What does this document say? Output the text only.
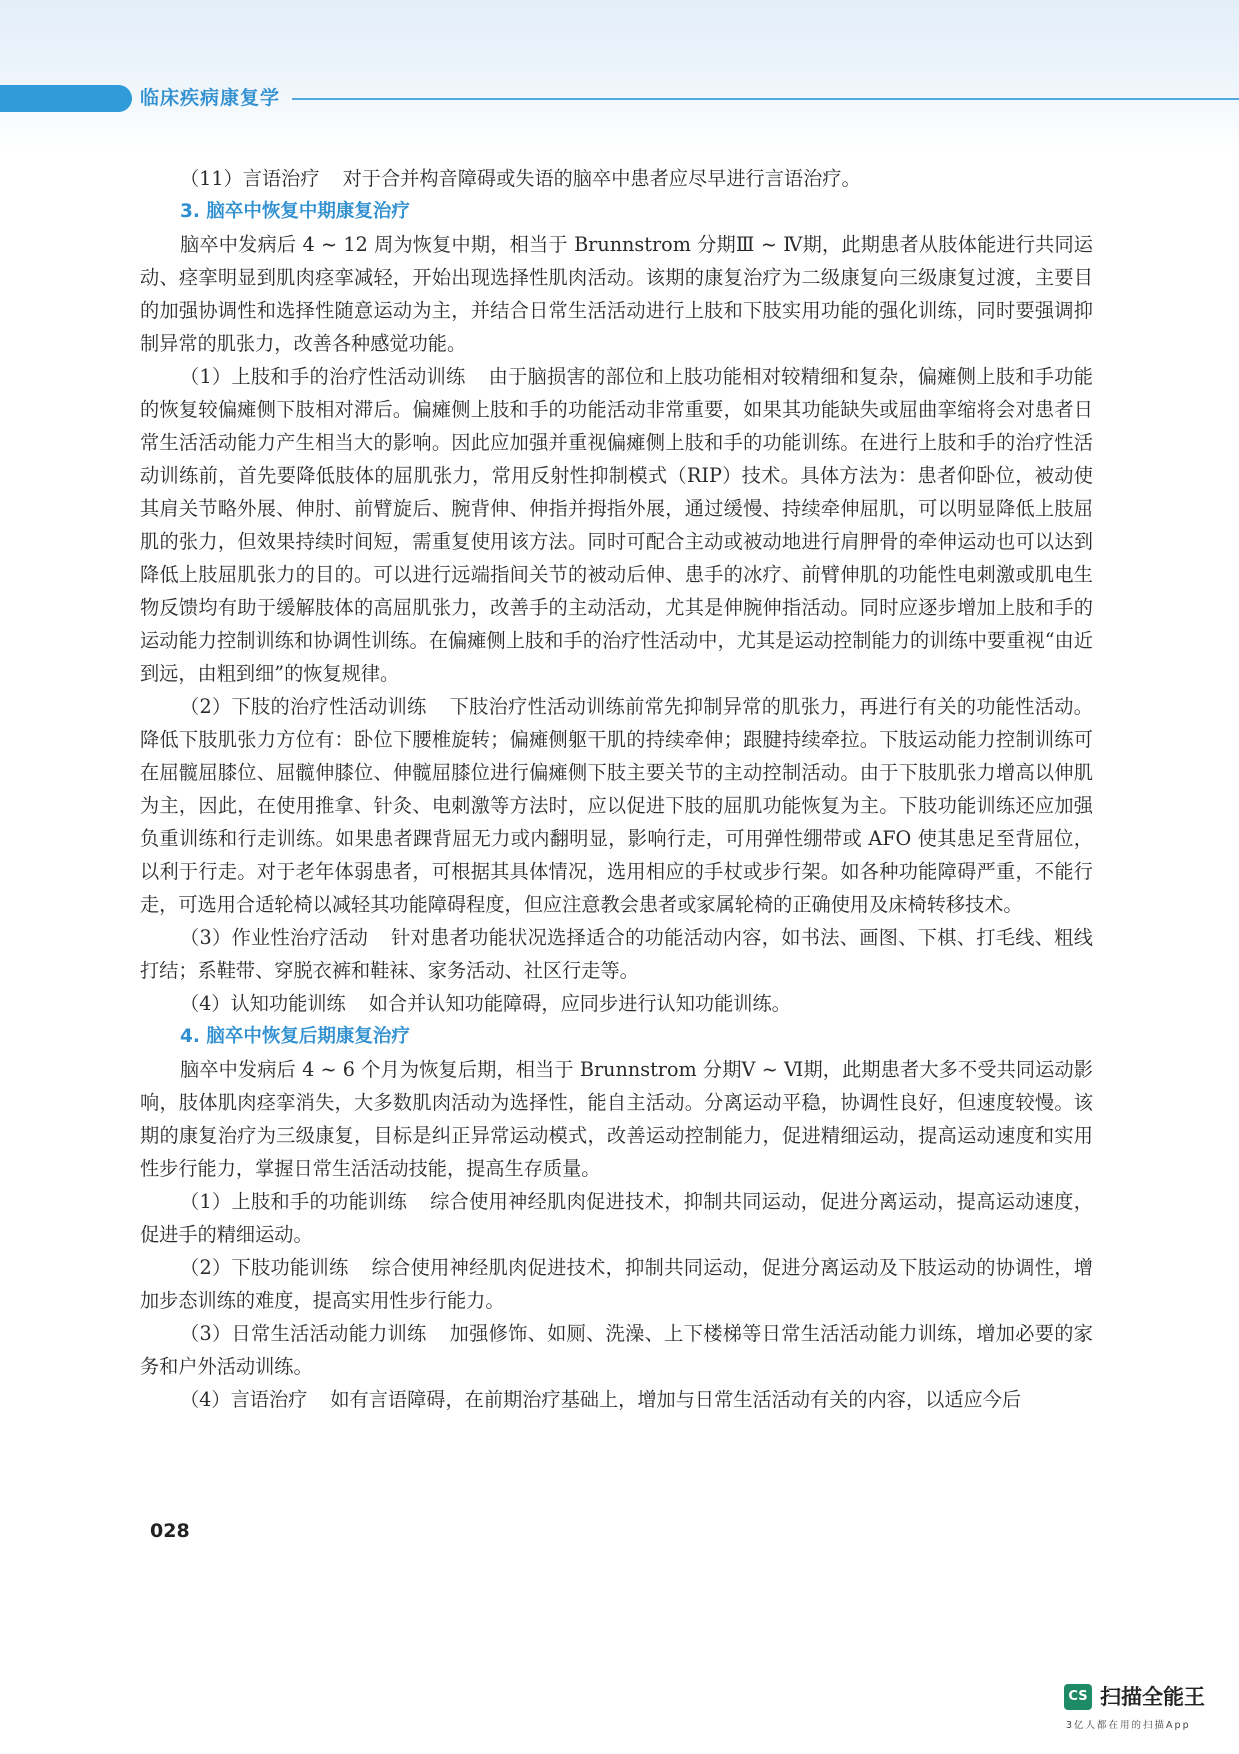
临床疾病康复学

（11）言语治疗 对于合并构音障碍或失语的脑卒中患者应尽早进行言语治疗。

3. 脑卒中恢复中期康复治疗

脑卒中发病后 4 ~ 12 周为恢复中期，相当于 Brunnstrom 分期Ⅲ ~ Ⅳ期，此期患者从肢体能进行共同运动、痉挛明显到肌肉痉挛减轻，开始出现选择性肌肉活动。该期的康复治疗为二级康复向三级康复过渡，主要目的加强协调性和选择性随意运动为主，并结合日常生活活动进行上肢和下肢实用功能的强化训练，同时要强调抑制异常的肌张力，改善各种感觉功能。

（1）上肢和手的治疗性活动训练 由于脑损害的部位和上肢功能相对较精细和复杂，偏瘫侧上肢和手功能的恢复较偏瘫侧下肢相对滞后。偏瘫侧上肢和手的功能活动非常重要，如果其功能缺失或屈曲挛缩将会对患者日常生活活动能力产生相当大的影响。因此应加强并重视偏瘫侧上肢和手的功能训练。在进行上肢和手的治疗性活动训练前，首先要降低肢体的屈肌张力，常用反射性抑制模式（RIP）技术。具体方法为：患者仰卧位，被动使其肩关节略外展、伸肘、前臂旋后、腕背伸、伸指并拇指外展，通过缓慢、持续牵伸屈肌，可以明显降低上肢屈肌的张力，但效果持续时间短，需重复使用该方法。同时可配合主动或被动地进行肩胛骨的牵伸运动也可以达到降低上肢屈肌张力的目的。可以进行远端指间关节的被动后伸、患手的冰疗、前臂伸肌的功能性电刺激或肌电生物反馈均有助于缓解肢体的高屈肌张力，改善手的主动活动，尤其是伸腕伸指活动。同时应逐步增加上肢和手的运动能力控制训练和协调性训练。在偏瘫侧上肢和手的治疗性活动中，尤其是运动控制能力的训练中要重视“由近到远，由粗到细”的恢复规律。

（2）下肢的治疗性活动训练 下肢治疗性活动训练前常先抑制异常的肌张力，再进行有关的功能性活动。降低下肢肌张力方位有：卧位下腰椎旋转；偏瘫侧躯干肌的持续牵伸；跟腱持续牵拉。下肢运动能力控制训练可在屈髋屈膝位、屈髋伸膝位、伸髋屈膝位进行偏瘫侧下肢主要关节的主动控制活动。由于下肢肌张力增高以伸肌为主，因此，在使用推拿、针灸、电刺激等方法时，应以促进下肢的屈肌功能恢复为主。下肢功能训练还应加强负重训练和行走训练。如果患者踝背屈无力或内翻明显，影响行走，可用弹性绷带或 AFO 使其患足至背屈位，以利于行走。对于老年体弱患者，可根据其具体情况，选用相应的手杖或步行架。如各种功能障碍严重，不能行走，可选用合适轮椅以减轻其功能障碍程度，但应注意教会患者或家属轮椅的正确使用及床椅转移技术。

（3）作业性治疗活动 针对患者功能状况选择适合的功能活动内容，如书法、画图、下棋、打毛线、粗线打结；系鞋带、穿脱衣裤和鞋袜、家务活动、社区行走等。

（4）认知功能训练 如合并认知功能障碍，应同步进行认知功能训练。

4. 脑卒中恢复后期康复治疗

脑卒中发病后 4 ~ 6 个月为恢复后期，相当于 Brunnstrom 分期Ⅴ ~ Ⅵ期，此期患者大多不受共同运动影响，肢体肌肉痉挛消失，大多数肌肉活动为选择性，能自主活动。分离运动平稳，协调性良好，但速度较慢。该期的康复治疗为三级康复，目标是纠正异常运动模式，改善运动控制能力，促进精细运动，提高运动速度和实用性步行能力，掌握日常生活活动技能，提高生存质量。

（1）上肢和手的功能训练 综合使用神经肌肉促进技术，抑制共同运动，促进分离运动，提高运动速度，促进手的精细运动。

（2）下肢功能训练 综合使用神经肌肉促进技术，抑制共同运动，促进分离运动及下肢运动的协调性，增加步态训练的难度，提高实用性步行能力。

（3）日常生活活动能力训练 加强修饰、如厕、洗澡、上下楼梯等日常生活活动能力训练，增加必要的家务和户外活动训练。

（4）言语治疗 如有言语障碍，在前期治疗基础上，增加与日常生活活动有关的内容，以适应今后

028
CS 扫描全能王
3亿人都在用的扫描App
